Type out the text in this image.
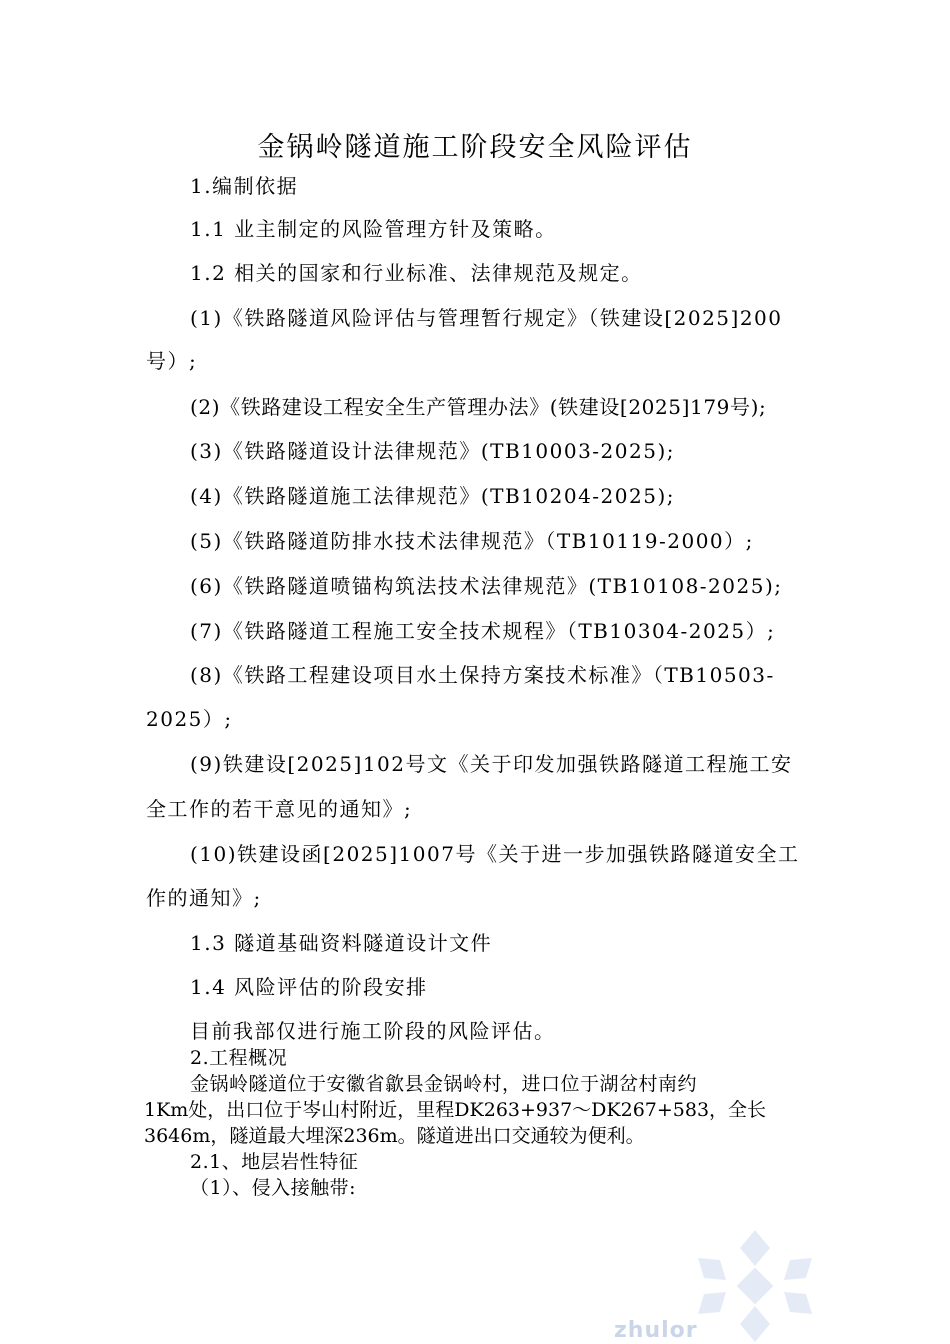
金锅岭隧道施工阶段安全风险评估
1.编制依据
1.1 业主制定的风险管理方针及策略。
1.2 相关的国家和行业标准、法律规范及规定。
(1)《铁路隧道风险评估与管理暂行规定》（铁建设[2025]200
号）;
(2)《铁路建设工程安全生产管理办法》(铁建设[2025]179号);
(3)《铁路隧道设计法律规范》(TB10003-2025);
(4)《铁路隧道施工法律规范》(TB10204-2025);
(5)《铁路隧道防排水技术法律规范》（TB10119-2000）;
(6)《铁路隧道喷锚构筑法技术法律规范》(TB10108-2025);
(7)《铁路隧道工程施工安全技术规程》（TB10304-2025）;
(8)《铁路工程建设项目水土保持方案技术标准》（TB10503-
2025）;
(9)铁建设[2025]102号文《关于印发加强铁路隧道工程施工安
全工作的若干意见的通知》;
(10)铁建设函[2025]1007号《关于进一步加强铁路隧道安全工
作的通知》;
1.3 隧道基础资料隧道设计文件
1.4 风险评估的阶段安排
目前我部仅进行施工阶段的风险评估。
2.工程概况
金锅岭隧道位于安徽省歙县金锅岭村，进口位于湖岔村南约
1Km处，出口位于岑山村附近，里程DK263+937～DK267+583，全长
3646m，隧道最大埋深236m。隧道进出口交通较为便利。
2.1、地层岩性特征
（1）、侵入接触带:
zhulor
